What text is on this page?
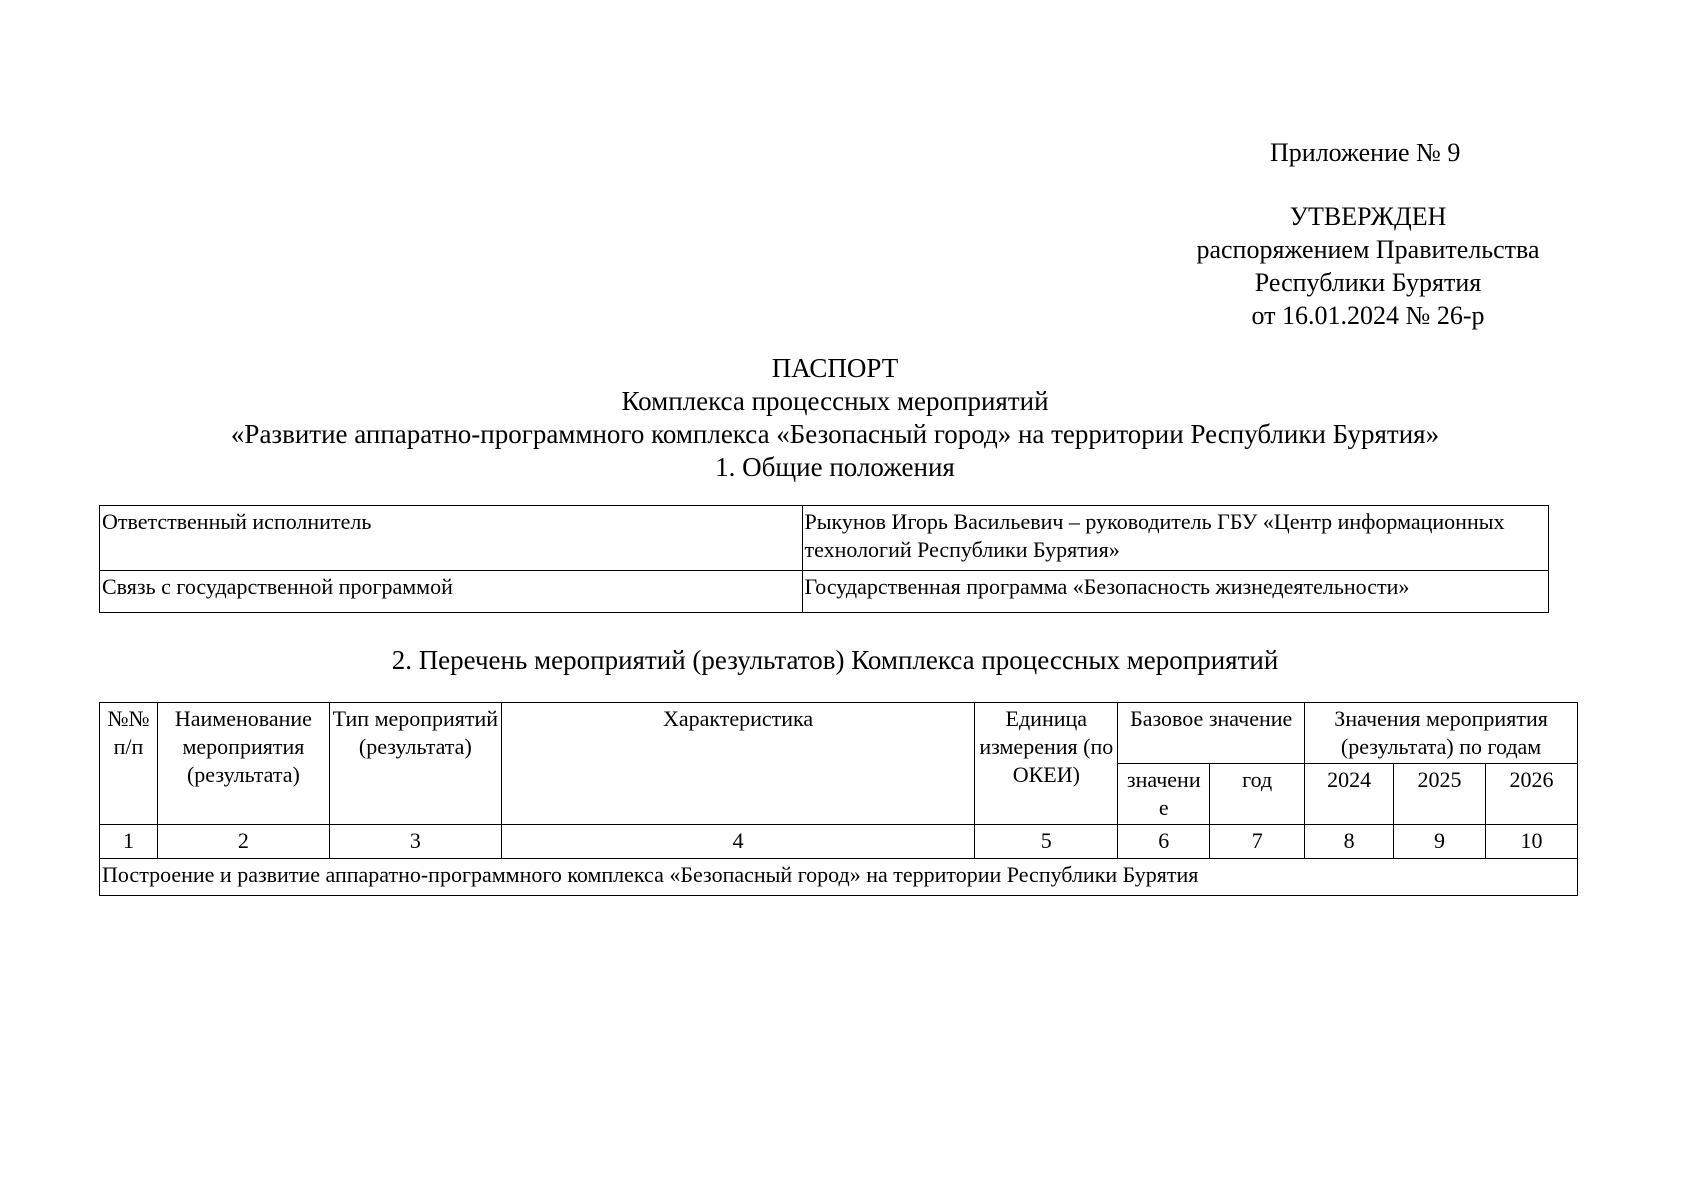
Приложение № 9
УТВЕРЖДЕН
распоряжением Правительства
Республики Бурятия
от 16.01.2024 № 26-р
ПАСПОРТ
Комплекса процессных мероприятий
«Развитие аппаратно-программного комплекса «Безопасный город» на территории Республики Бурятия»
1. Общие положения
Ответственный исполнитель	Рыкунов Игорь Васильевич – руководитель ГБУ «Центр информационных технологий Республики Бурятия»
Связь с государственной программой	Государственная программа «Безопасность жизнедеятельности»
2. Перечень мероприятий (результатов) Комплекса процессных мероприятий
№№ п/п	Наименование мероприятия (результата)	Тип мероприятий (результата)	Характеристика	Единица измерения (по ОКЕИ)	Базовое значение		Значения мероприятия (результата) по годам		
					значени е	год	2024	2025	2026
1	2	3	4	5	6	7	8	9	10
Построение и развитие аппаратно-программного комплекса «Безопасный город» на территории Республики Бурятия									
